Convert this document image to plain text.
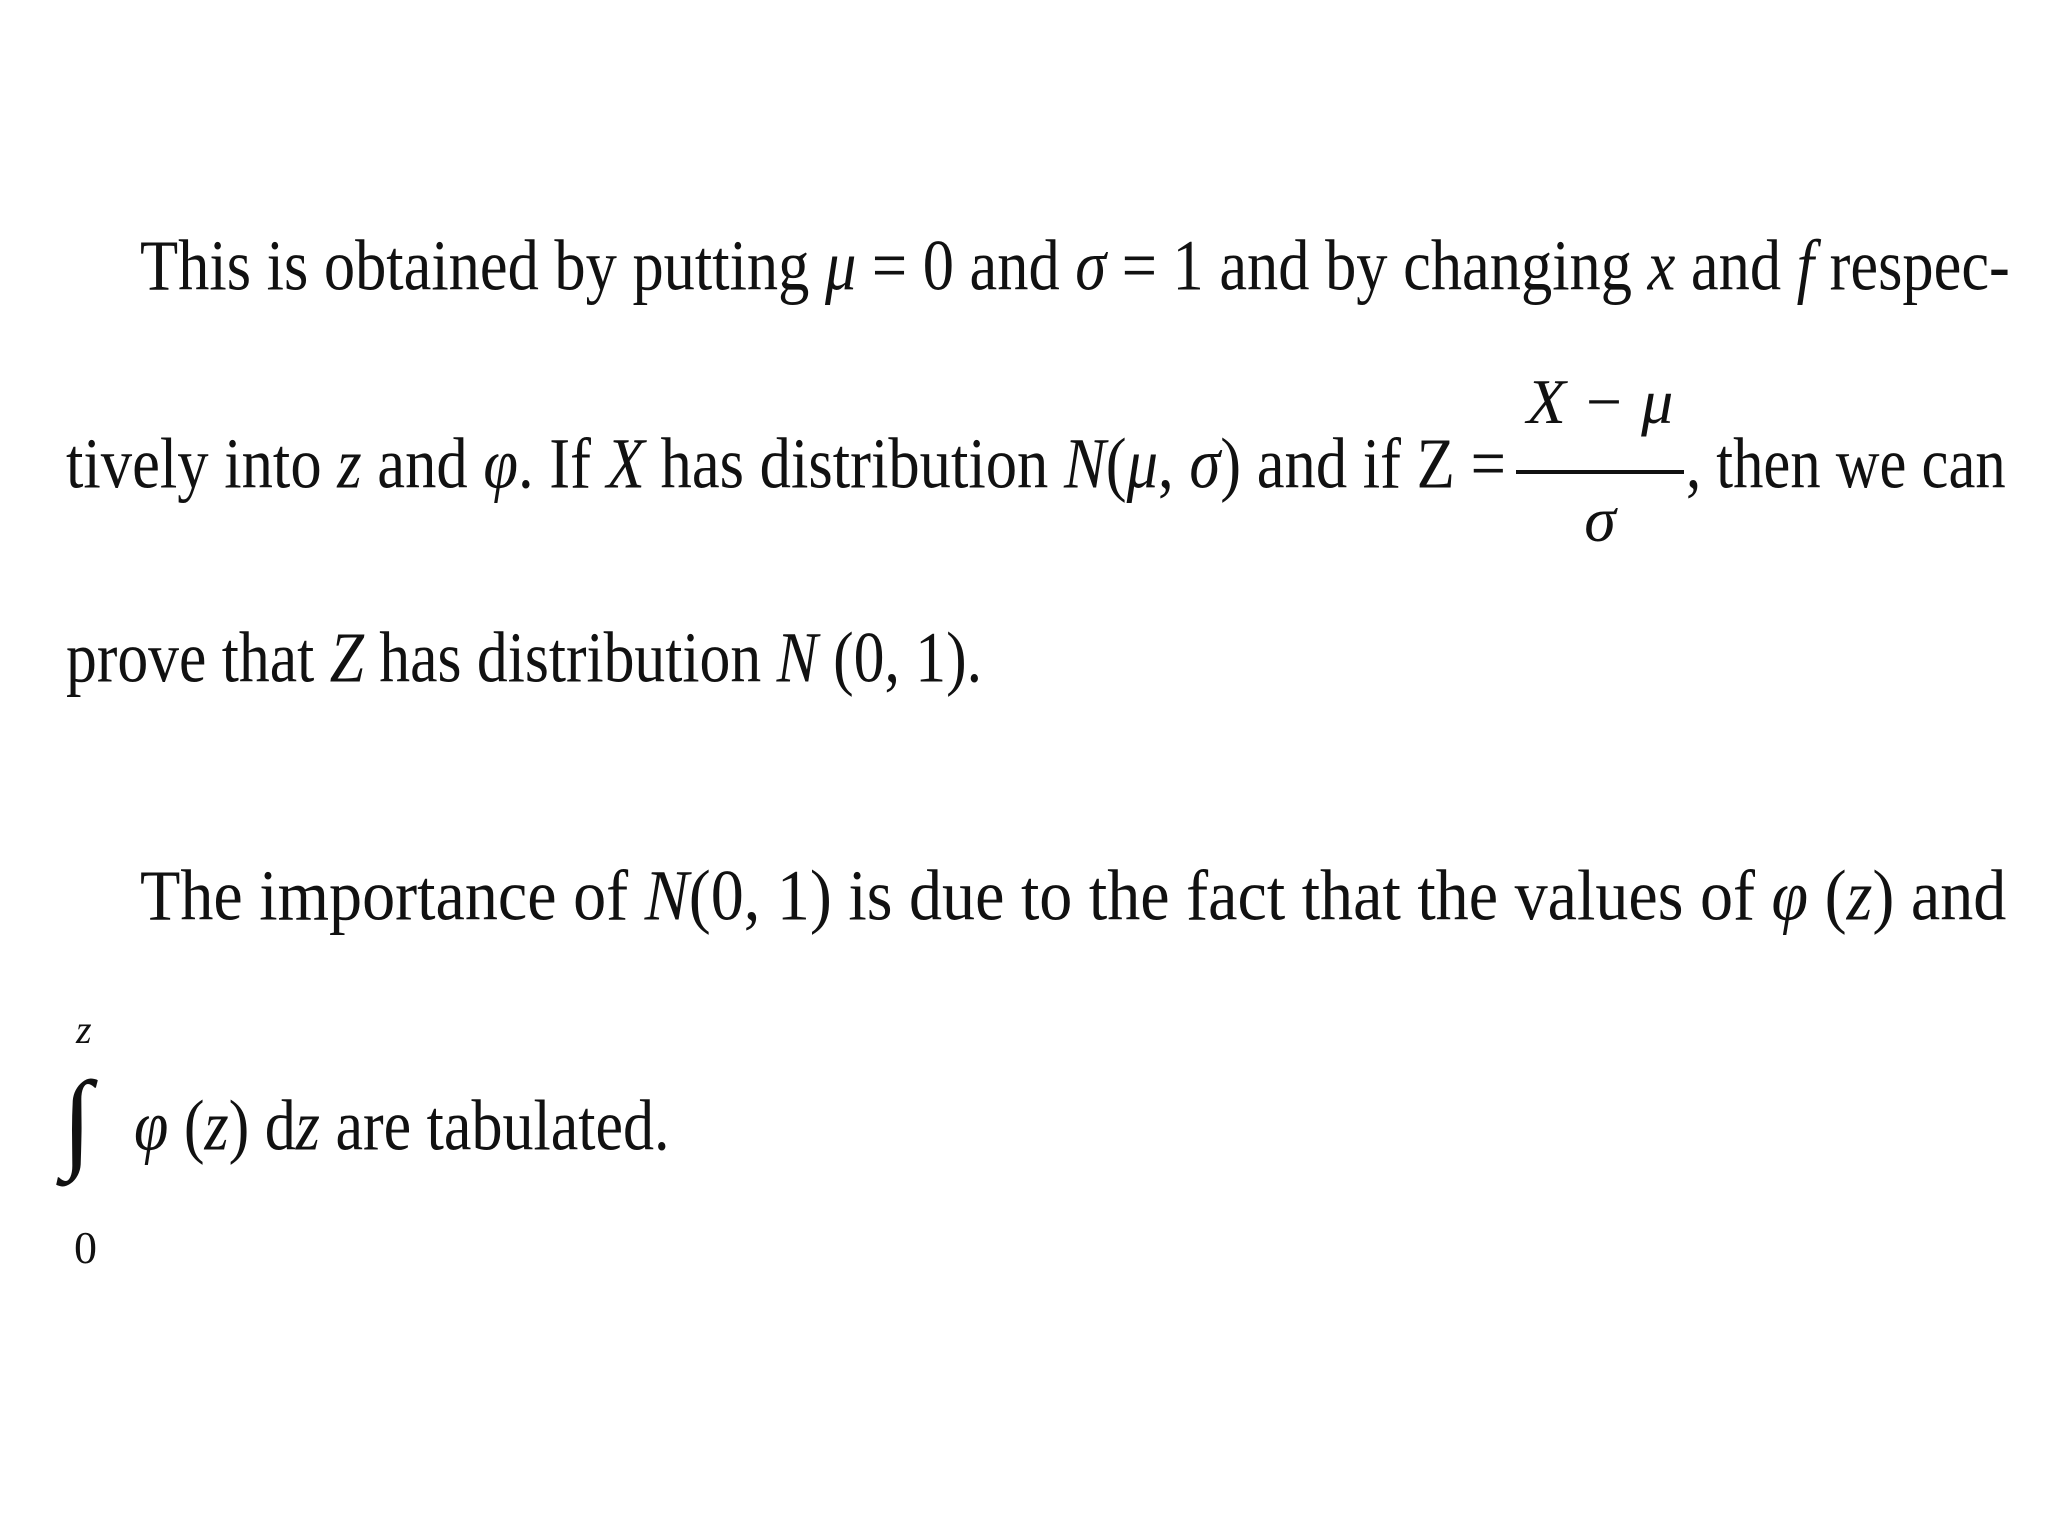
This is obtained by putting μ = 0 and σ = 1 and by changing x and f respec-
tively into z and φ. If X has distribution N(μ, σ) and if Z =
X − μ
σ
, then we can
prove that Z has distribution N (0, 1).
The importance of N(0, 1) is due to the fact that the values of φ (z) and
z
∫
0
φ (z) dz are tabulated.
